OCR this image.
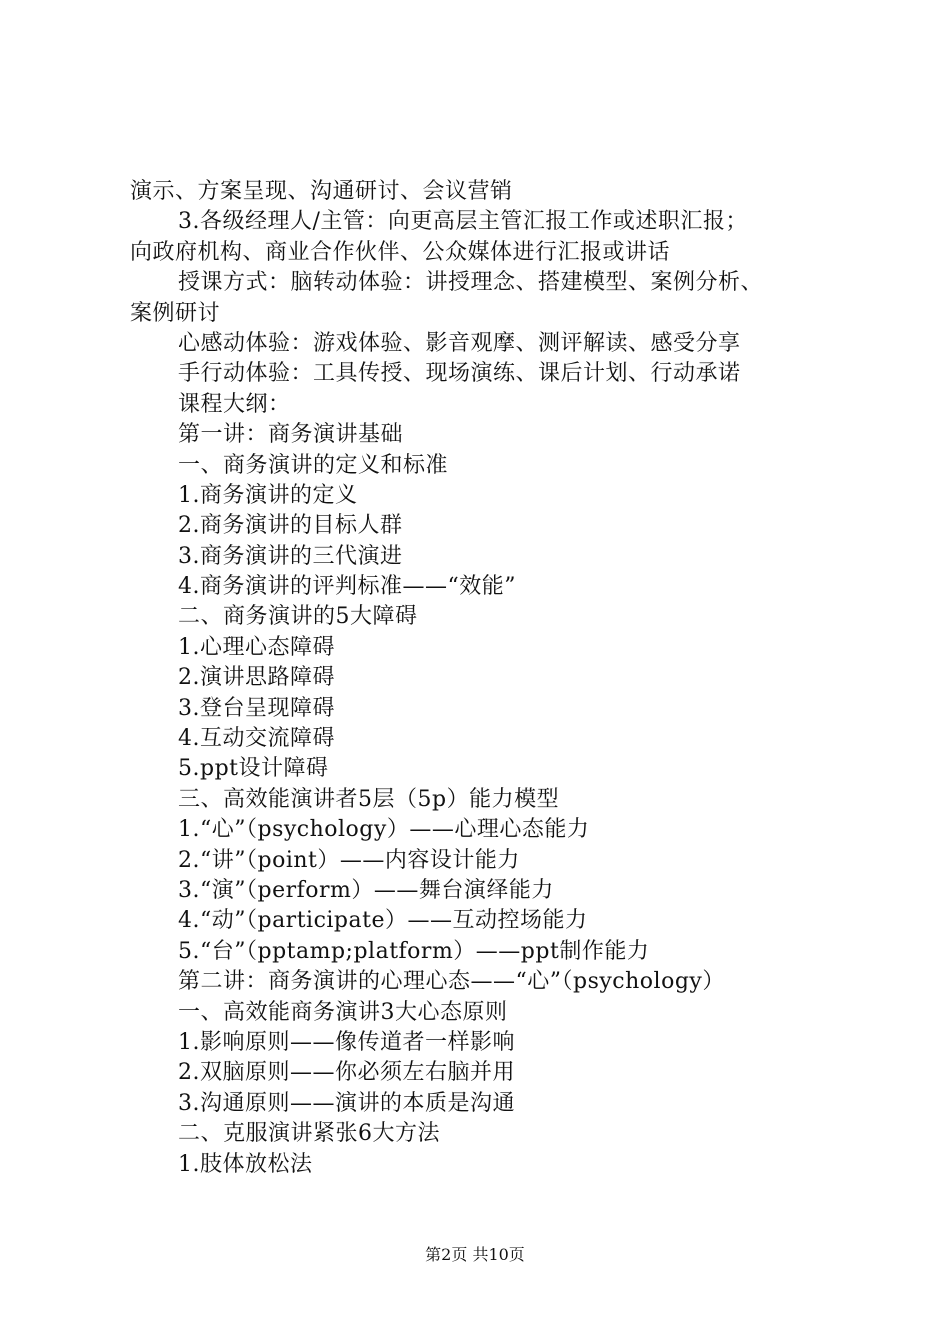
演示、方案呈现、沟通研讨、会议营销
3.各级经理人/主管：向更高层主管汇报工作或述职汇报；
向政府机构、商业合作伙伴、公众媒体进行汇报或讲话
授课方式：脑转动体验：讲授理念、搭建模型、案例分析、
案例研讨
心感动体验：游戏体验、影音观摩、测评解读、感受分享
手行动体验：工具传授、现场演练、课后计划、行动承诺
课程大纲：
第一讲：商务演讲基础
一、商务演讲的定义和标准
1.商务演讲的定义
2.商务演讲的目标人群
3.商务演讲的三代演进
4.商务演讲的评判标准——“效能”
二、商务演讲的5大障碍
1.心理心态障碍
2.演讲思路障碍
3.登台呈现障碍
4.互动交流障碍
5.ppt设计障碍
三、高效能演讲者5层（5p）能力模型
1.“心”（psychology）——心理心态能力
2.“讲”（point）——内容设计能力
3.“演”（perform）——舞台演绎能力
4.“动”（participate）——互动控场能力
5.“台”（pptamp;platform）——ppt制作能力
第二讲：商务演讲的心理心态——“心”（psychology）
一、高效能商务演讲3大心态原则
1.影响原则——像传道者一样影响
2.双脑原则——你必须左右脑并用
3.沟通原则——演讲的本质是沟通
二、克服演讲紧张6大方法
1.肢体放松法
第2页 共10页
